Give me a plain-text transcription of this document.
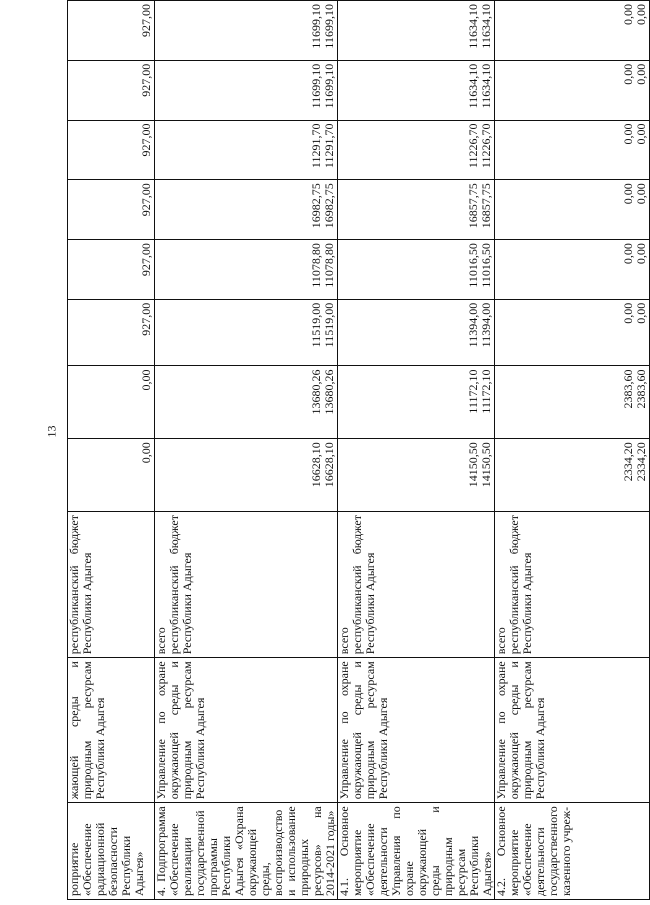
13
роприятие «Обеспечение радиационной безопасности Республики Адыгея»	жающей среды и природным ресурсам Республики Адыгея	республиканский бюджет Республики Адыгея	0,00	0,00	927,00	927,00	927,00	927,00	927,00	927,00

4. Подпрограмма «Обеспечение реализации государственной программы Республики Адыгея «Охрана окружающей среды, воспроизводство и использование природных ресурсов» на 2014-2021 годы»	Управление по охране окружающей среды и природным ресурсам Республики Адыгея	всего республиканский бюджет Республики Адыгея	16628,10 16628,10	13680,26 13680,26	11519,00 11519,00	11078,80 11078,80	16982,75 16982,75	11291,70 11291,70	11699,10 11699,10	11699,10 11699,10

4.1. Основное мероприятие «Обеспечение деятельности Управления по охране окружающей среды и природным ресурсам Республики Адыгея»	Управление по охране окружающей среды и природным ресурсам Республики Адыгея	всего республиканский бюджет Республики Адыгея	14150,50 14150,50	11172,10 11172,10	11394,00 11394,00	11016,50 11016,50	16857,75 16857,75	11226,70 11226,70	11634,10 11634,10	11634,10 11634,10

4.2. Основное мероприятие «Обеспечение деятельности государственного казенного учреж-	Управление по охране окружающей среды и природным ресурсам Республики Адыгея	всего республиканский бюджет Республики Адыгея	2334,20 2334,20	2383,60 2383,60	0,00 0,00	0,00 0,00	0,00 0,00	0,00 0,00	0,00 0,00	0,00 0,00
